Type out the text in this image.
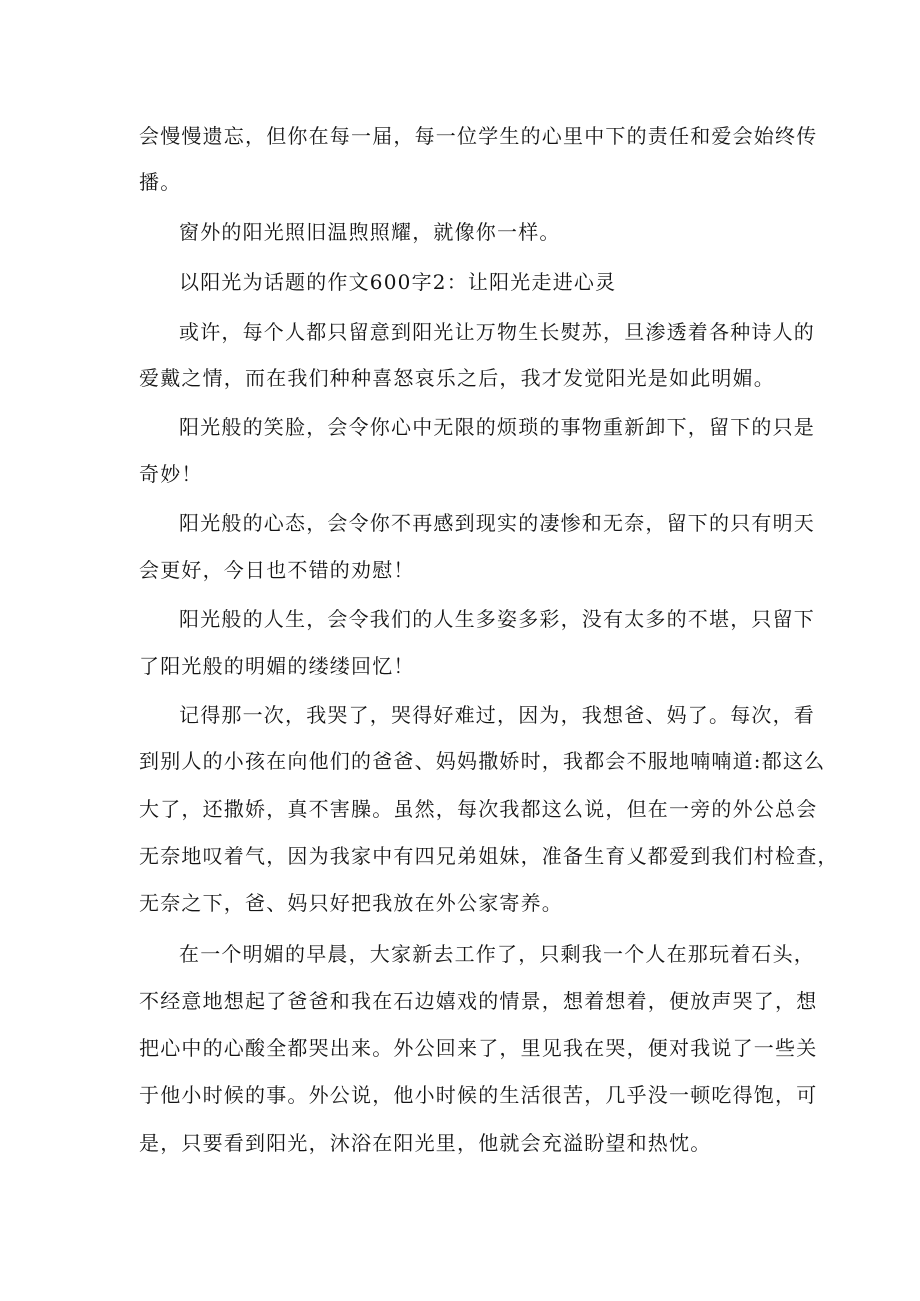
会慢慢遗忘，但你在每一届，每一位学生的心里中下的责任和爱会始终传
播。
窗外的阳光照旧温煦照耀，就像你一样。
以阳光为话题的作文600字2：让阳光走进心灵
或许，每个人都只留意到阳光让万物生长熨苏，旦渗透着各种诗人的
爱戴之情，而在我们种种喜怒哀乐之后，我才发觉阳光是如此明媚。
阳光般的笑脸，会令你心中无限的烦琐的事物重新卸下，留下的只是
奇妙！
阳光般的心态，会令你不再感到现实的凄惨和无奈，留下的只有明天
会更好，今日也不错的劝慰！
阳光般的人生，会令我们的人生多姿多彩，没有太多的不堪，只留下
了阳光般的明媚的缕缕回忆！
记得那一次，我哭了，哭得好难过，因为，我想爸、妈了。每次，看
到别人的小孩在向他们的爸爸、妈妈撒娇时，我都会不服地喃喃道:都这么
大了，还撒娇，真不害臊。虽然，每次我都这么说，但在一旁的外公总会
无奈地叹着气，因为我家中有四兄弟姐妹，准备生育乂都爱到我们村检查，
无奈之下，爸、妈只好把我放在外公家寄养。
在一个明媚的早晨，大家新去工作了，只剩我一个人在那玩着石头，
不经意地想起了爸爸和我在石边嬉戏的情景，想着想着，便放声哭了，想
把心中的心酸全都哭出来。外公回来了，里见我在哭，便对我说了一些关
于他小时候的事。外公说，他小时候的生活很苦，几乎没一顿吃得饱，可
是，只要看到阳光，沐浴在阳光里，他就会充溢盼望和热忱。
